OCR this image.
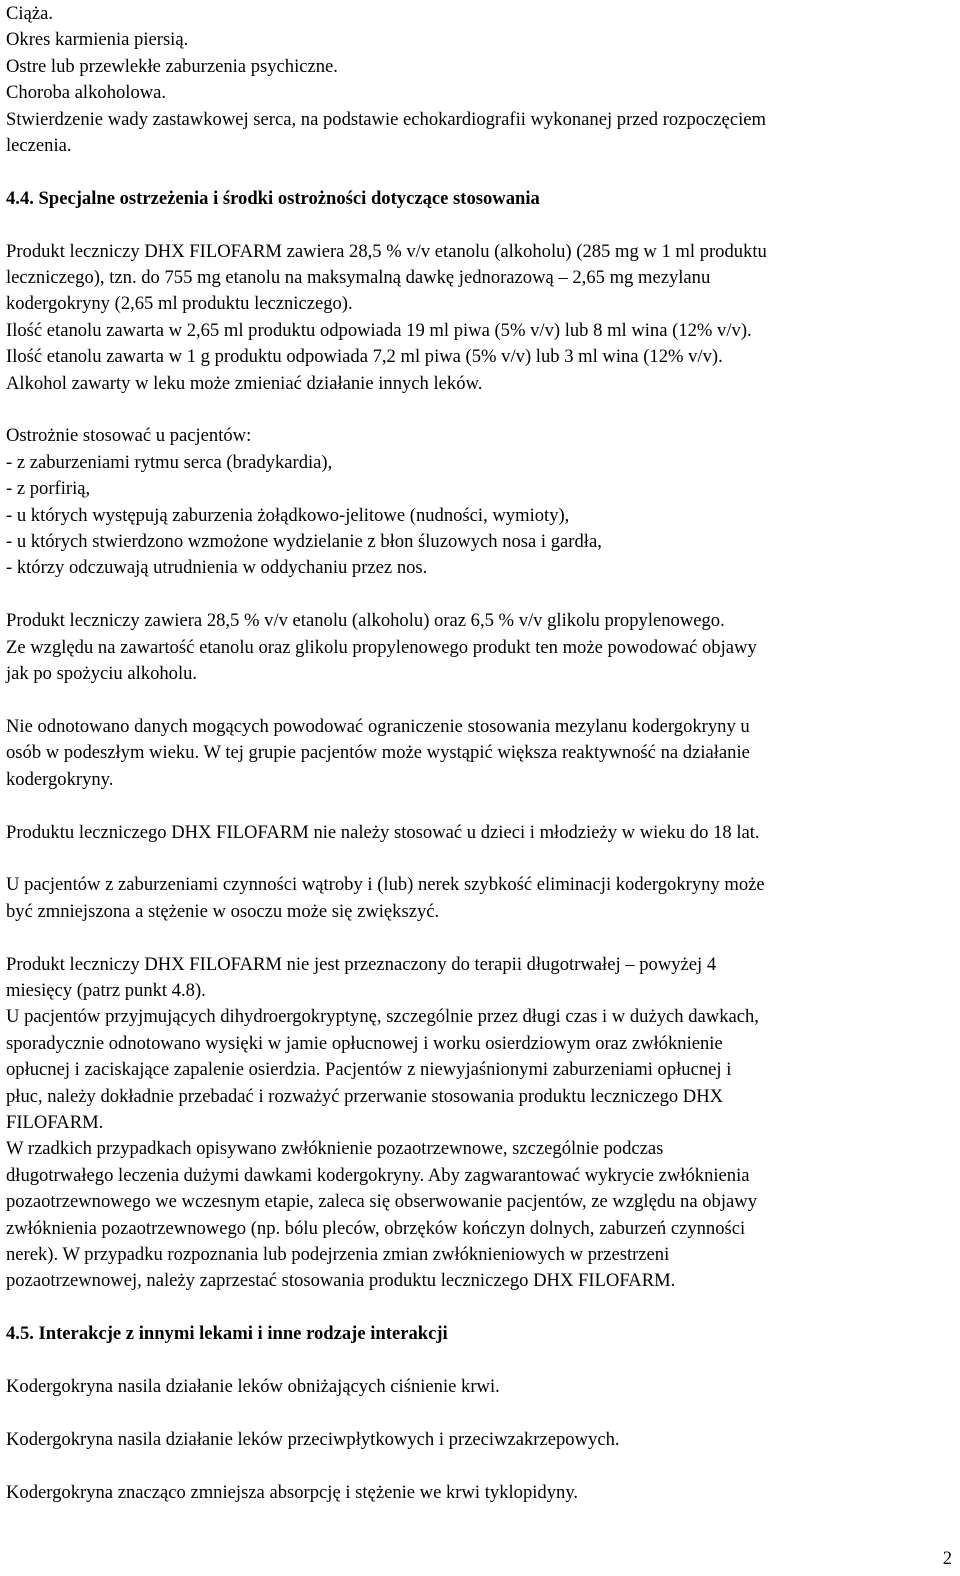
Ciąża.

Okres karmienia piersią.

Ostre lub przewlekłe zaburzenia psychiczne.

Choroba alkoholowa.

Stwierdzenie wady zastawkowej serca, na podstawie echokardiografii wykonanej przed rozpoczęciem

leczenia.

4.4. Specjalne ostrzeżenia i środki ostrożności dotyczące stosowania

Produkt leczniczy DHX FILOFARM zawiera 28,5 % v/v etanolu (alkoholu) (285 mg w 1 ml produktu

leczniczego), tzn. do 755 mg etanolu na maksymalną dawkę jednorazową – 2,65 mg mezylanu

kodergokryny (2,65 ml produktu leczniczego).

Ilość etanolu zawarta w 2,65 ml produktu odpowiada 19 ml piwa (5% v/v) lub 8 ml wina (12% v/v).

Ilość etanolu zawarta w 1 g produktu odpowiada 7,2 ml piwa (5% v/v) lub 3 ml wina (12% v/v).

Alkohol zawarty w leku może zmieniać działanie innych leków.

Ostrożnie stosować u pacjentów:

- z zaburzeniami rytmu serca (bradykardia),

- z porfirią,

- u których występują zaburzenia żołądkowo-jelitowe (nudności, wymioty),

- u których stwierdzono wzmożone wydzielanie z błon śluzowych nosa i gardła,

- którzy odczuwają utrudnienia w oddychaniu przez nos.

Produkt leczniczy zawiera 28,5 % v/v etanolu (alkoholu) oraz 6,5 % v/v glikolu propylenowego.

Ze względu na zawartość etanolu oraz glikolu propylenowego produkt ten może powodować objawy

jak po spożyciu alkoholu.

Nie odnotowano danych mogących powodować ograniczenie stosowania mezylanu kodergokryny u

osób w podeszłym wieku. W tej grupie pacjentów może wystąpić większa reaktywność na działanie

kodergokryny.

Produktu leczniczego DHX FILOFARM nie należy stosować u dzieci i młodzieży w wieku do 18 lat.

U pacjentów z zaburzeniami czynności wątroby i (lub) nerek szybkość eliminacji kodergokryny może

być zmniejszona a stężenie w osoczu może się zwiększyć.

Produkt leczniczy DHX FILOFARM nie jest przeznaczony do terapii długotrwałej – powyżej 4

miesięcy (patrz punkt 4.8).

U pacjentów przyjmujących dihydroergokryptynę, szczególnie przez długi czas i w dużych dawkach,

sporadycznie odnotowano wysięki w jamie opłucnowej i worku osierdziowym oraz zwłóknienie

opłucnej i zaciskające zapalenie osierdzia. Pacjentów z niewyjaśnionymi zaburzeniami opłucnej i

płuc, należy dokładnie przebadać i rozważyć przerwanie stosowania produktu leczniczego DHX

FILOFARM.

W rzadkich przypadkach opisywano zwłóknienie pozaotrzewnowe, szczególnie podczas

długotrwałego leczenia dużymi dawkami kodergokryny. Aby zagwarantować wykrycie zwłóknienia

pozaotrzewnowego we wczesnym etapie, zaleca się obserwowanie pacjentów, ze względu na objawy

zwłóknienia pozaotrzewnowego (np. bólu pleców, obrzęków kończyn dolnych, zaburzeń czynności

nerek). W przypadku rozpoznania lub podejrzenia zmian zwłóknieniowych w przestrzeni

pozaotrzewnowej, należy zaprzestać stosowania produktu leczniczego DHX FILOFARM.

4.5. Interakcje z innymi lekami i inne rodzaje interakcji

Kodergokryna nasila działanie leków obniżających ciśnienie krwi.

Kodergokryna nasila działanie leków przeciwpłytkowych i przeciwzakrzepowych.

Kodergokryna znacząco zmniejsza absorpcję i stężenie we krwi tyklopidyny.

2
